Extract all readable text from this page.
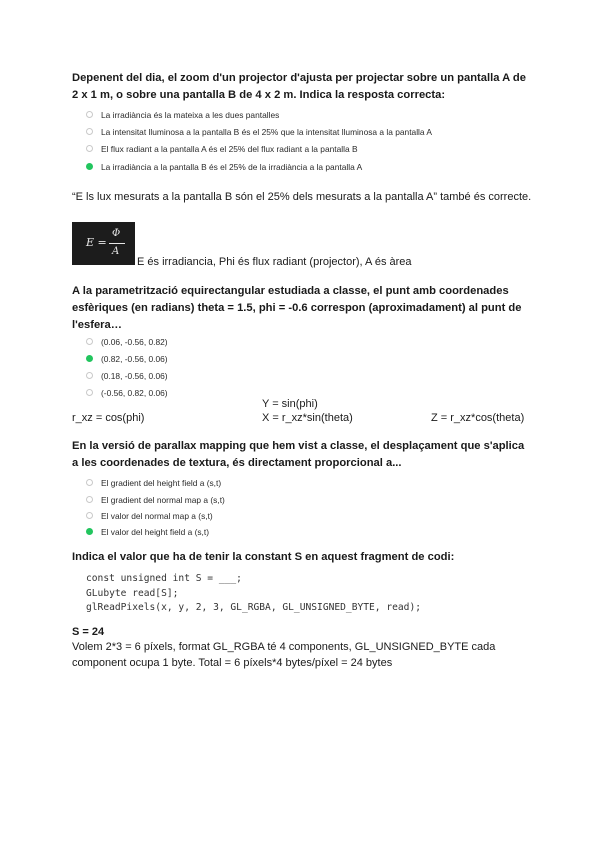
Depenent del dia, el zoom d'un projector d'ajusta per projectar sobre un pantalla A de 2 x 1 m, o sobre una pantalla B de 4 x 2 m. Indica la resposta correcta:
La irradiància és la mateixa a les dues pantalles
La intensitat lluminosa a la pantalla B és el 25% que la intensitat lluminosa a la pantalla A
El flux radiant a la pantalla A és el 25% del flux radiant a la pantalla B
La irradiància a la pantalla B és el 25% de la irradiància a la pantalla A
“E ls lux mesurats a la pantalla B són el 25% dels mesurats a la pantalla A” també és correcte.
E =
Φ
A
E és irradiancia, Phi és flux radiant (projector), A és àrea
A la parametrització equirectangular estudiada a classe, el punt amb coordenades esfèriques (en radians) theta = 1.5, phi = -0.6 correspon (aproximadament) al punt de l'esfera…
(0.06, -0.56, 0.82)
(0.82, -0.56, 0.06)
(0.18, -0.56, 0.06)
(-0.56, 0.82, 0.06)
Y = sin(phi)
r_xz = cos(phi)	X = r_xz*sin(theta)	Z = r_xz*cos(theta)
En la versió de parallax mapping que hem vist a classe, el desplaçament que s'aplica a les coordenades de textura, és directament proporcional a...
El gradient del height field a (s,t)
El gradient del normal map a (s,t)
El valor del normal map a (s,t)
El valor del height field a (s,t)
Indica el valor que ha de tenir la constant S en aquest fragment de codi:
const unsigned int S = ___;
GLubyte read[S];
glReadPixels(x, y, 2, 3, GL_RGBA, GL_UNSIGNED_BYTE, read);
S = 24
Volem 2*3 = 6 píxels, format GL_RGBA té 4 components, GL_UNSIGNED_BYTE cada component ocupa 1 byte. Total = 6 píxels*4 bytes/píxel = 24 bytes
